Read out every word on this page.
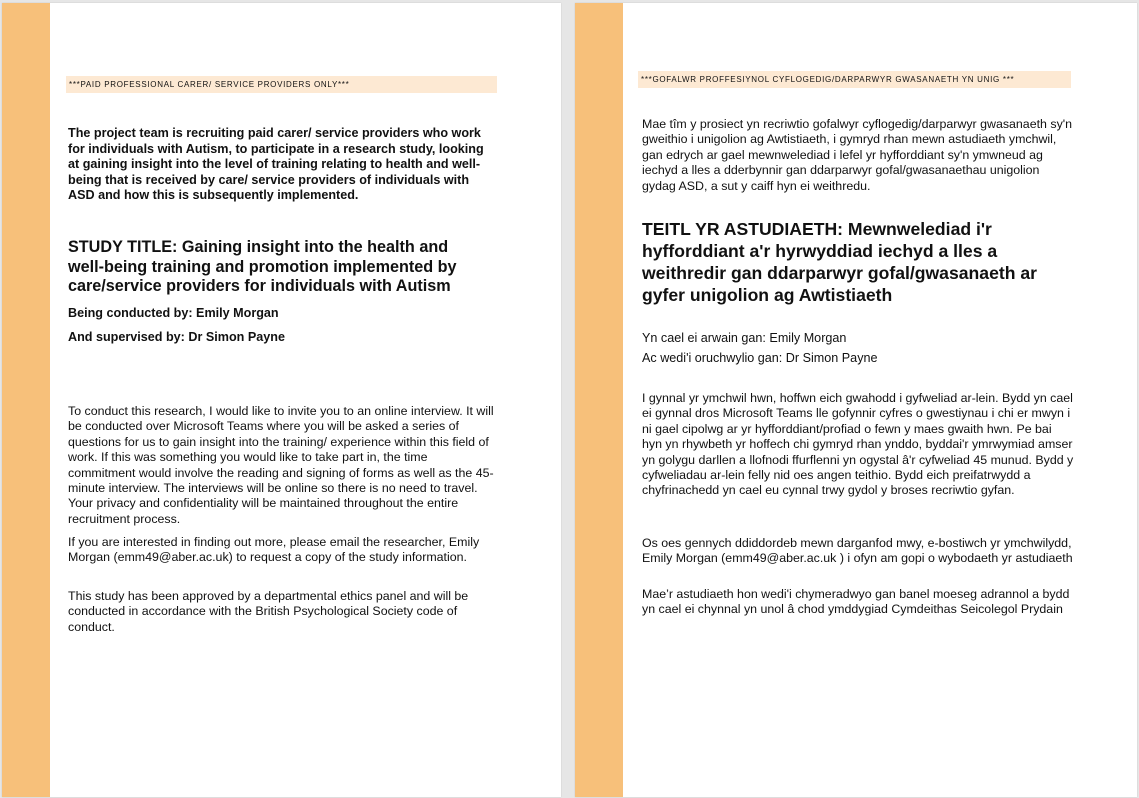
***PAID PROFESSIONAL CARER/ SERVICE PROVIDERS ONLY***

The project team is recruiting paid carer/ service providers who work for individuals with Autism, to participate in a research study, looking at gaining insight into the level of training relating to health and well-being that is received by care/ service providers of individuals with ASD and how this is subsequently implemented.

STUDY TITLE: Gaining insight into the health and well-being training and promotion implemented by care/service providers for individuals with Autism

Being conducted by: Emily Morgan

And supervised by: Dr Simon Payne

To conduct this research, I would like to invite you to an online interview. It will be conducted over Microsoft Teams where you will be asked a series of questions for us to gain insight into the training/ experience within this field of work. If this was something you would like to take part in, the time commitment would involve the reading and signing of forms as well as the 45-minute interview. The interviews will be online so there is no need to travel. Your privacy and confidentiality will be maintained throughout the entire recruitment process.

If you are interested in finding out more, please email the researcher, Emily Morgan (emm49@aber.ac.uk) to request a copy of the study information.

This study has been approved by a departmental ethics panel and will be conducted in accordance with the British Psychological Society code of conduct.

***GOFALWR PROFFESIYNOL CYFLOGEDIG/DARPARWYR GWASANAETH YN UNIG ***

Mae tîm y prosiect yn recriwtio gofalwyr cyflogedig/darparwyr gwasanaeth sy'n gweithio i unigolion ag Awtistiaeth, i gymryd rhan mewn astudiaeth ymchwil, gan edrych ar gael mewnwelediad i lefel yr hyfforddiant sy'n ymwneud ag iechyd a lles a dderbynnir gan ddarparwyr gofal/gwasanaethau unigolion gydag ASD, a sut y caiff hyn ei weithredu.

TEITL YR ASTUDIAETH: Mewnwelediad i'r hyfforddiant a'r hyrwyddiad iechyd a lles a weithredir gan ddarparwyr gofal/gwasanaeth ar gyfer unigolion ag Awtistiaeth

Yn cael ei arwain gan: Emily Morgan

Ac wedi'i oruchwylio gan: Dr Simon Payne

I gynnal yr ymchwil hwn, hoffwn eich gwahodd i gyfweliad ar-lein. Bydd yn cael ei gynnal dros Microsoft Teams lle gofynnir cyfres o gwestiynau i chi er mwyn i ni gael cipolwg ar yr hyfforddiant/profiad o fewn y maes gwaith hwn. Pe bai hyn yn rhywbeth yr hoffech chi gymryd rhan ynddo, byddai'r ymrwymiad amser yn golygu darllen a llofnodi ffurflenni yn ogystal â'r cyfweliad 45 munud. Bydd y cyfweliadau ar-lein felly nid oes angen teithio. Bydd eich preifatrwydd a chyfrinachedd yn cael eu cynnal trwy gydol y broses recriwtio gyfan.

Os oes gennych ddiddordeb mewn darganfod mwy, e-bostiwch yr ymchwilydd, Emily Morgan (emm49@aber.ac.uk ) i ofyn am gopi o wybodaeth yr astudiaeth

Mae’r astudiaeth hon wedi'i chymeradwyo gan banel moeseg adrannol a bydd yn cael ei chynnal yn unol â chod ymddygiad Cymdeithas Seicolegol Prydain
